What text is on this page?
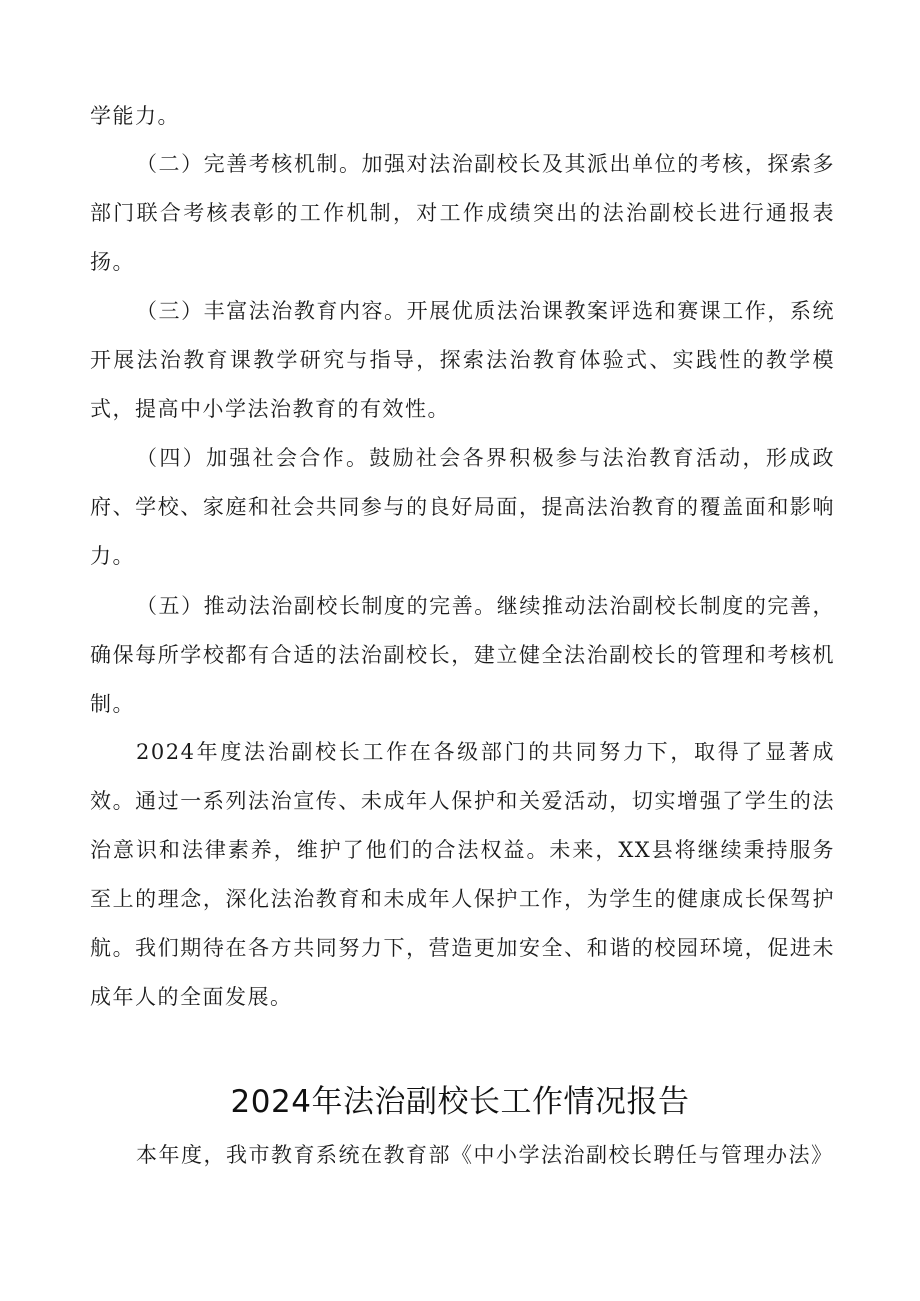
学能力。

（二）完善考核机制。加强对法治副校长及其派出单位的考核，探索多部门联合考核表彰的工作机制，对工作成绩突出的法治副校长进行通报表扬。

（三）丰富法治教育内容。开展优质法治课教案评选和赛课工作，系统开展法治教育课教学研究与指导，探索法治教育体验式、实践性的教学模式，提高中小学法治教育的有效性。

（四）加强社会合作。鼓励社会各界积极参与法治教育活动，形成政府、学校、家庭和社会共同参与的良好局面，提高法治教育的覆盖面和影响力。

（五）推动法治副校长制度的完善。继续推动法治副校长制度的完善，确保每所学校都有合适的法治副校长，建立健全法治副校长的管理和考核机制。

2024年度法治副校长工作在各级部门的共同努力下，取得了显著成效。通过一系列法治宣传、未成年人保护和关爱活动，切实增强了学生的法治意识和法律素养，维护了他们的合法权益。未来，XX县将继续秉持服务至上的理念，深化法治教育和未成年人保护工作，为学生的健康成长保驾护航。我们期待在各方共同努力下，营造更加安全、和谐的校园环境，促进未成年人的全面发展。

2024年法治副校长工作情况报告

本年度，我市教育系统在教育部《中小学法治副校长聘任与管理办法》
